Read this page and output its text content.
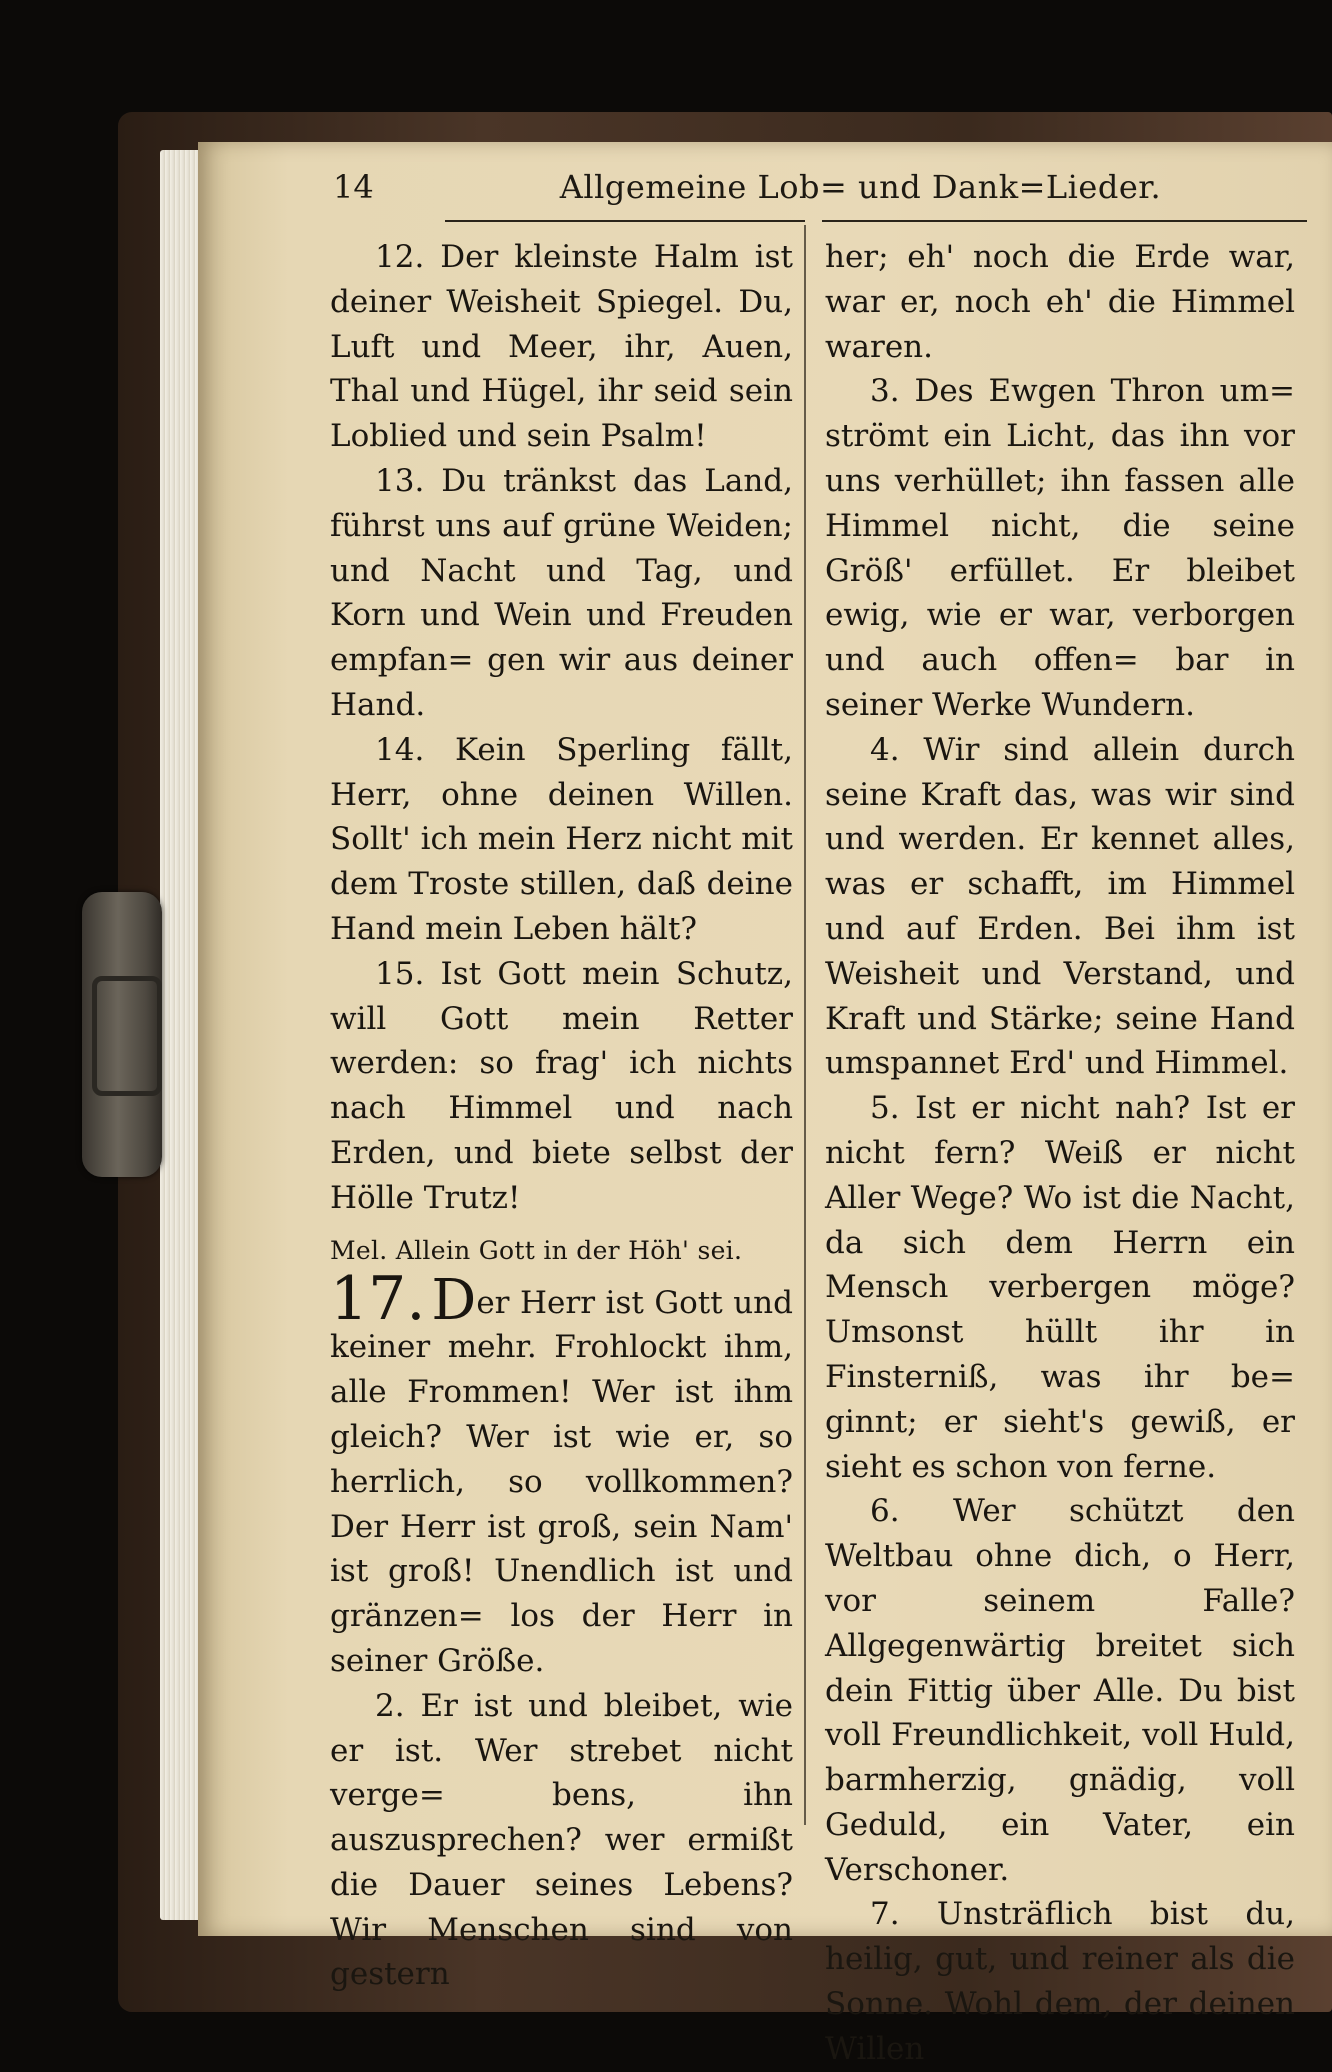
14	Allgemeine Lob= und Dank=Lieder.

12. Der kleinste Halm ist deiner Weisheit Spiegel. Du, Luft und Meer, ihr, Auen, Thal und Hügel, ihr seid sein Loblied und sein Psalm!

13. Du tränkst das Land, führst uns auf grüne Weiden; und Nacht und Tag, und Korn und Wein und Freuden empfan= gen wir aus deiner Hand.

14. Kein Sperling fällt, Herr, ohne deinen Willen. Sollt' ich mein Herz nicht mit dem Troste stillen, daß deine Hand mein Leben hält?

15. Ist Gott mein Schutz, will Gott mein Retter werden: so frag' ich nichts nach Himmel und nach Erden, und biete selbst der Hölle Trutz!

Mel. Allein Gott in der Höh' sei.

17. Der Herr ist Gott und keiner mehr. Frohlockt ihm, alle Frommen! Wer ist ihm gleich? Wer ist wie er, so herrlich, so vollkommen? Der Herr ist groß, sein Nam' ist groß! Unendlich ist und gränzen= los der Herr in seiner Größe.

2. Er ist und bleibet, wie er ist. Wer strebet nicht verge= bens, ihn auszusprechen? wer ermißt die Dauer seines Lebens? Wir Menschen sind von gestern

her; eh' noch die Erde war, war er, noch eh' die Himmel waren.

3. Des Ewgen Thron um= strömt ein Licht, das ihn vor uns verhüllet; ihn fassen alle Himmel nicht, die seine Größ' erfüllet. Er bleibet ewig, wie er war, verborgen und auch offen= bar in seiner Werke Wundern.

4. Wir sind allein durch seine Kraft das, was wir sind und werden. Er kennet alles, was er schafft, im Himmel und auf Erden. Bei ihm ist Weisheit und Verstand, und Kraft und Stärke; seine Hand umspannet Erd' und Himmel.

5. Ist er nicht nah? Ist er nicht fern? Weiß er nicht Aller Wege? Wo ist die Nacht, da sich dem Herrn ein Mensch verbergen möge? Umsonst hüllt ihr in Finsterniß, was ihr be= ginnt; er sieht's gewiß, er sieht es schon von ferne.

6. Wer schützt den Weltbau ohne dich, o Herr, vor seinem Falle? Allgegenwärtig breitet sich dein Fittig über Alle. Du bist voll Freundlichkeit, voll Huld, barmherzig, gnädig, voll Geduld, ein Vater, ein Verschoner.

7. Unsträflich bist du, heilig, gut, und reiner als die Sonne. Wohl dem, der deinen Willen
